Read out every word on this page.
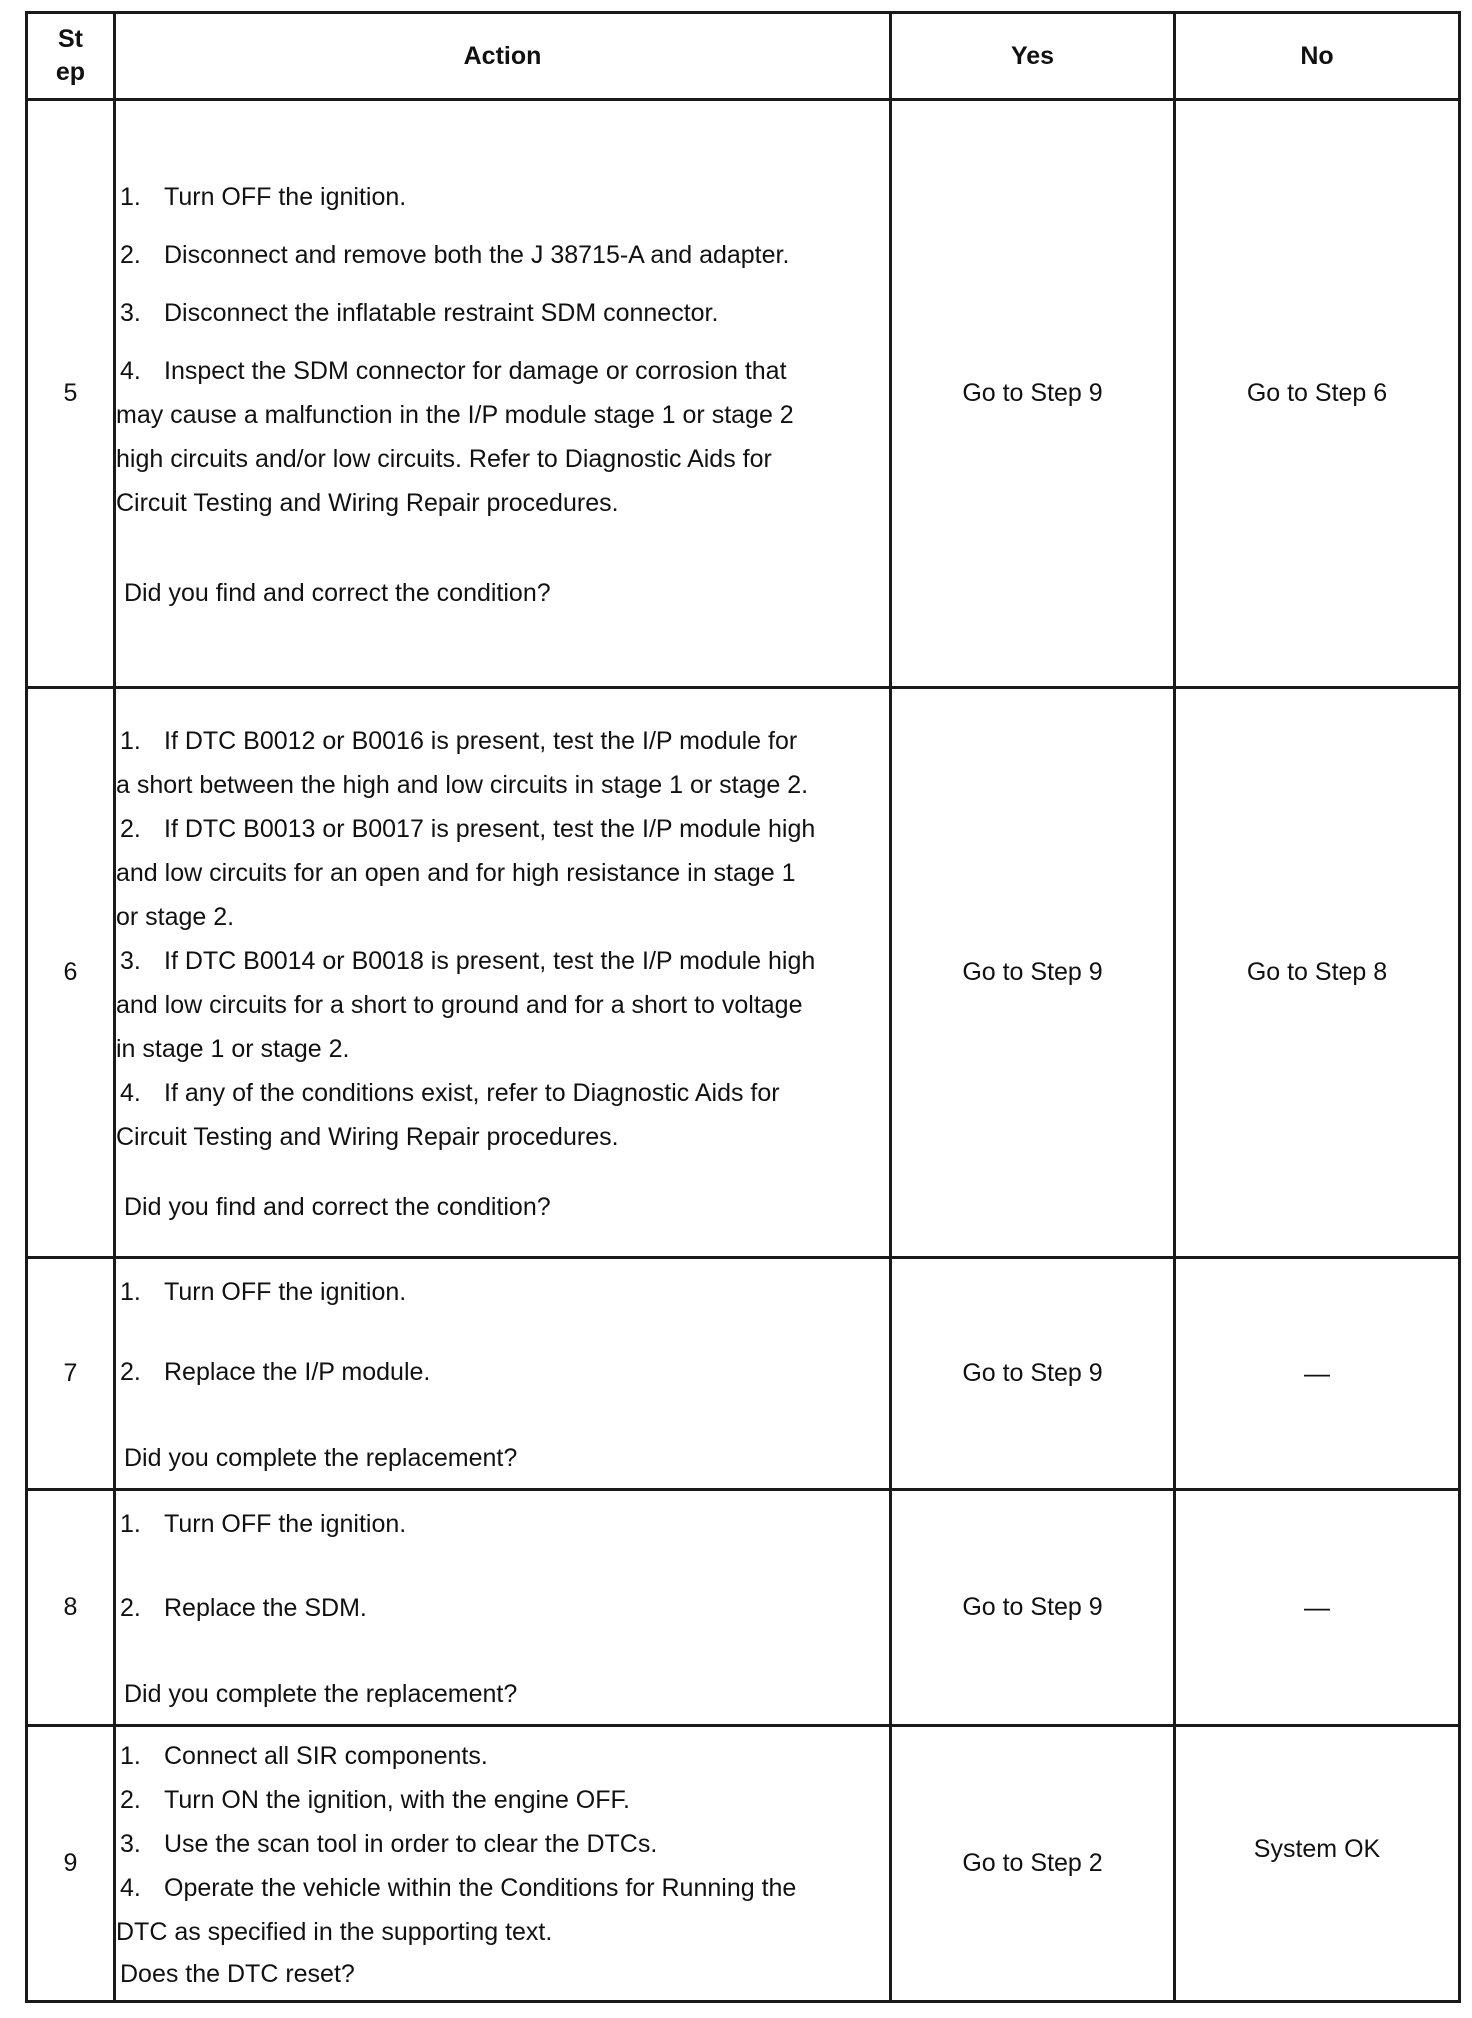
St
ep	Action	Yes	No
5	1. Turn OFF the ignition.
2. Disconnect and remove both the J 38715-A and adapter.
3. Disconnect the inflatable restraint SDM connector.
4. Inspect the SDM connector for damage or corrosion that may cause a malfunction in the I/P module stage 1 or stage 2 high circuits and/or low circuits. Refer to Diagnostic Aids for Circuit Testing and Wiring Repair procedures.
Did you find and correct the condition?	Go to Step 9	Go to Step 6
6	1. If DTC B0012 or B0016 is present, test the I/P module for a short between the high and low circuits in stage 1 or stage 2.
2. If DTC B0013 or B0017 is present, test the I/P module high and low circuits for an open and for high resistance in stage 1 or stage 2.
3. If DTC B0014 or B0018 is present, test the I/P module high and low circuits for a short to ground and for a short to voltage in stage 1 or stage 2.
4. If any of the conditions exist, refer to Diagnostic Aids for Circuit Testing and Wiring Repair procedures.
Did you find and correct the condition?	Go to Step 9	Go to Step 8
7	1. Turn OFF the ignition.
2. Replace the I/P module.
Did you complete the replacement?	Go to Step 9	—
8	1. Turn OFF the ignition.
2. Replace the SDM.
Did you complete the replacement?	Go to Step 9	—
9	1. Connect all SIR components.
2. Turn ON the ignition, with the engine OFF.
3. Use the scan tool in order to clear the DTCs.
4. Operate the vehicle within the Conditions for Running the DTC as specified in the supporting text.
Does the DTC reset?	Go to Step 2	System OK
